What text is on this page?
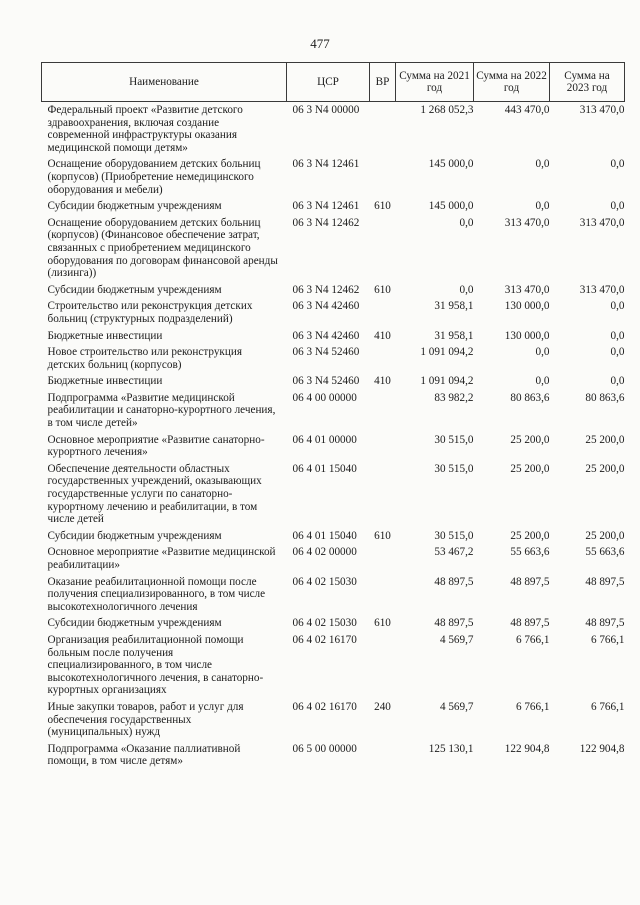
477
Наименование	ЦСР	ВР	Сумма на 2021 год	Сумма на 2022 год	Сумма на 2023 год
Федеральный проект «Развитие детского здравоохранения, включая создание современной инфраструктуры оказания медицинской помощи детям»	06 3 N4 00000		1 268 052,3	443 470,0	313 470,0
Оснащение оборудованием детских больниц (корпусов) (Приобретение немедицинского оборудования и мебели)	06 3 N4 12461		145 000,0	0,0	0,0
Субсидии бюджетным учреждениям	06 3 N4 12461	610	145 000,0	0,0	0,0
Оснащение оборудованием детских больниц (корпусов) (Финансовое обеспечение затрат, связанных с приобретением медицинского оборудования по договорам финансовой аренды (лизинга))	06 3 N4 12462		0,0	313 470,0	313 470,0
Субсидии бюджетным учреждениям	06 3 N4 12462	610	0,0	313 470,0	313 470,0
Строительство или реконструкция детских больниц (структурных подразделений)	06 3 N4 42460		31 958,1	130 000,0	0,0
Бюджетные инвестиции	06 3 N4 42460	410	31 958,1	130 000,0	0,0
Новое строительство или реконструкция детских больниц (корпусов)	06 3 N4 52460		1 091 094,2	0,0	0,0
Бюджетные инвестиции	06 3 N4 52460	410	1 091 094,2	0,0	0,0
Подпрограмма «Развитие медицинской реабилитации и санаторно-курортного лечения, в том числе детей»	06 4 00 00000		83 982,2	80 863,6	80 863,6
Основное мероприятие «Развитие санаторно-курортного лечения»	06 4 01 00000		30 515,0	25 200,0	25 200,0
Обеспечение деятельности областных государственных учреждений, оказывающих государственные услуги по санаторно-курортному лечению и реабилитации, в том числе детей	06 4 01 15040		30 515,0	25 200,0	25 200,0
Субсидии бюджетным учреждениям	06 4 01 15040	610	30 515,0	25 200,0	25 200,0
Основное мероприятие «Развитие медицинской реабилитации»	06 4 02 00000		53 467,2	55 663,6	55 663,6
Оказание реабилитационной помощи после получения специализированного, в том числе высокотехнологичного лечения	06 4 02 15030		48 897,5	48 897,5	48 897,5
Субсидии бюджетным учреждениям	06 4 02 15030	610	48 897,5	48 897,5	48 897,5
Организация реабилитационной помощи больным после получения специализированного, в том числе высокотехнологичного лечения, в санаторно-курортных организациях	06 4 02 16170		4 569,7	6 766,1	6 766,1
Иные закупки товаров, работ и услуг для обеспечения государственных (муниципальных) нужд	06 4 02 16170	240	4 569,7	6 766,1	6 766,1
Подпрограмма «Оказание паллиативной помощи, в том числе детям»	06 5 00 00000		125 130,1	122 904,8	122 904,8
